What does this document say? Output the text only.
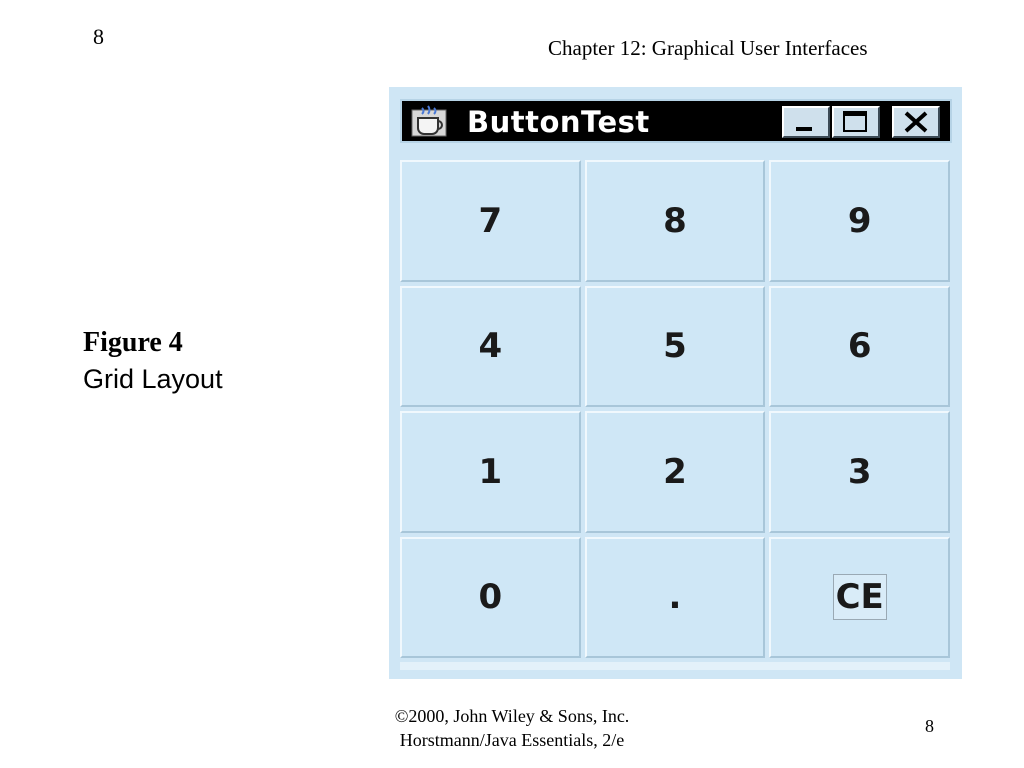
8	Chapter 12: Graphical User Interfaces
Figure 4
Grid Layout
ButtonTest
7	8	9
4	5	6
1	2	3
0	.	CE
©2000, John Wiley & Sons, Inc.
Horstmann/Java Essentials, 2/e
8
